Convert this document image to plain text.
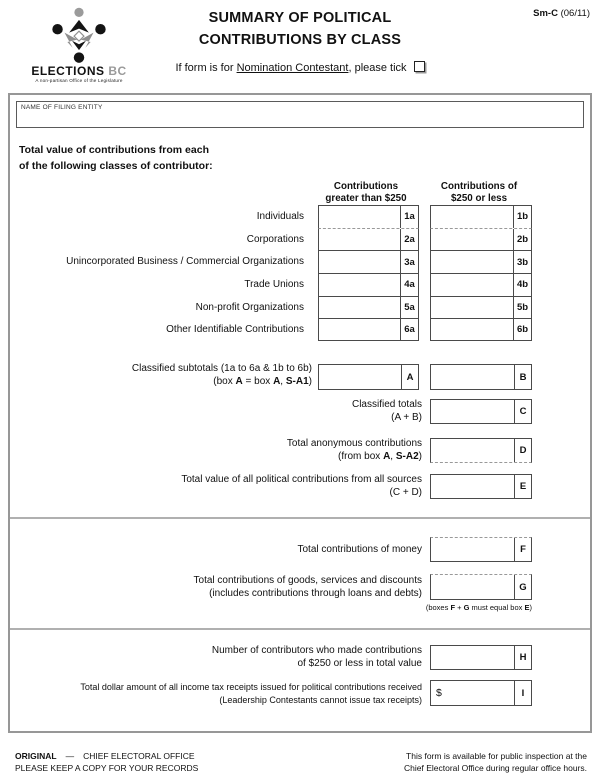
ELECTIONS BC
A non-partisan Office of the Legislature
Sm-C (06/11)
SUMMARY OF POLITICAL
CONTRIBUTIONS BY CLASS
If form is for Nomination Contestant, please tick
NAME OF FILING ENTITY
Total value of contributions from each
of the following classes of contributor:
Contributions
greater than $250
Contributions of
$250 or less
Individuals	1a	1b
Corporations	2a	2b
Unincorporated Business / Commercial Organizations	3a	3b
Trade Unions	4a	4b
Non-profit Organizations	5a	5b
Other Identifiable Contributions	6a	6b
Classified subtotals (1a to 6a & 1b to 6b)
(box A = box A, S-A1)	A	B
Classified totals
(A + B)
C
Total anonymous contributions
(from box A, S-A2)
D
Total value of all political contributions from all sources
(C + D)
E
Total contributions of money	F
Total contributions of goods, services and discounts
(includes contributions through loans and debts)
G
(boxes F + G must equal box E)
Number of contributors who made contributions
of $250 or less in total value
H
Total dollar amount of all income tax receipts issued for political contributions received
(Leadership Contestants cannot issue tax receipts)
$	I
ORIGINAL — CHIEF ELECTORAL OFFICE
PLEASE KEEP A COPY FOR YOUR RECORDS
This form is available for public inspection at the
Chief Electoral Office during regular office hours.
